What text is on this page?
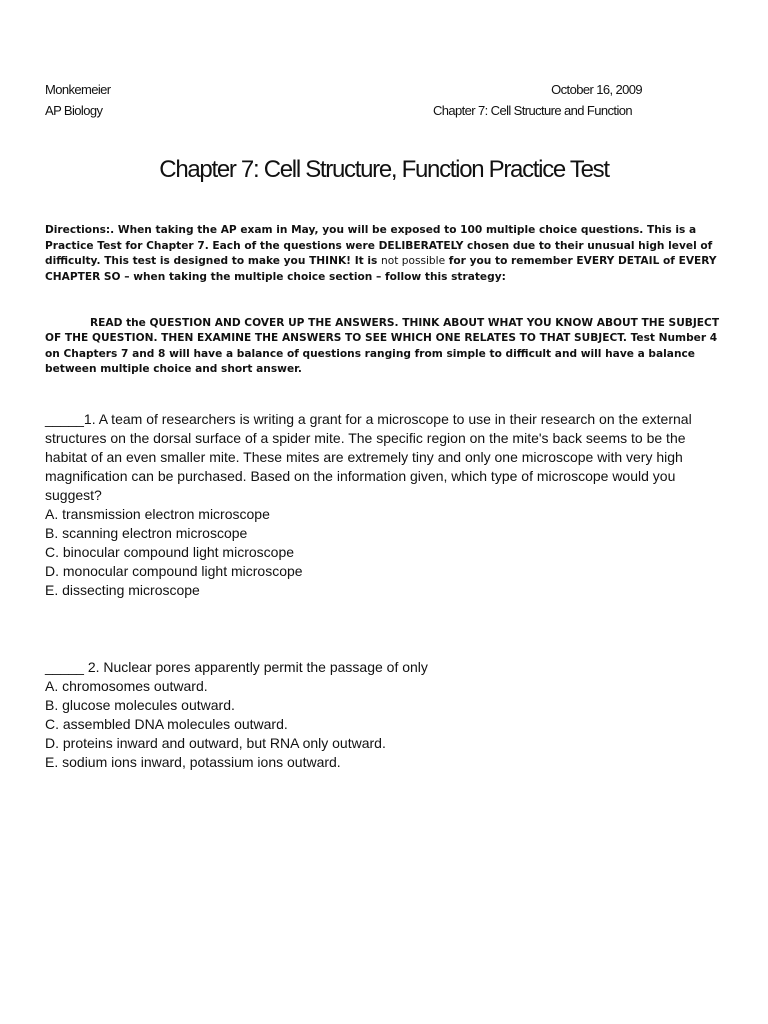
Monkemeier
AP Biology
October 16, 2009
Chapter 7: Cell Structure and Function
Chapter 7: Cell Structure, Function Practice Test
Directions:. When taking the AP exam in May, you will be exposed to 100 multiple choice questions. This is a Practice Test for Chapter 7. Each of the questions were DELIBERATELY chosen due to their unusual high level of difficulty. This test is designed to make you THINK! It is not possible for you to remember EVERY DETAIL of EVERY CHAPTER SO – when taking the multiple choice section – follow this strategy:
READ the QUESTION AND COVER UP THE ANSWERS. THINK ABOUT WHAT YOU KNOW ABOUT THE SUBJECT OF THE QUESTION. THEN EXAMINE THE ANSWERS TO SEE WHICH ONE RELATES TO THAT SUBJECT. Test Number 4 on Chapters 7 and 8 will have a balance of questions ranging from simple to difficult and will have a balance between multiple choice and short answer.

_____1. A team of researchers is writing a grant for a microscope to use in their research on the external structures on the dorsal surface of a spider mite. The specific region on the mite's back seems to be the habitat of an even smaller mite. These mites are extremely tiny and only one microscope with very high magnification can be purchased. Based on the information given, which type of microscope would you suggest?

A. transmission electron microscope
B. scanning electron microscope
C. binocular compound light microscope
D. monocular compound light microscope
E. dissecting microscope

_____ 2. Nuclear pores apparently permit the passage of only

A. chromosomes outward.
B. glucose molecules outward.
C. assembled DNA molecules outward.
D. proteins inward and outward, but RNA only outward.
E. sodium ions inward, potassium ions outward.
